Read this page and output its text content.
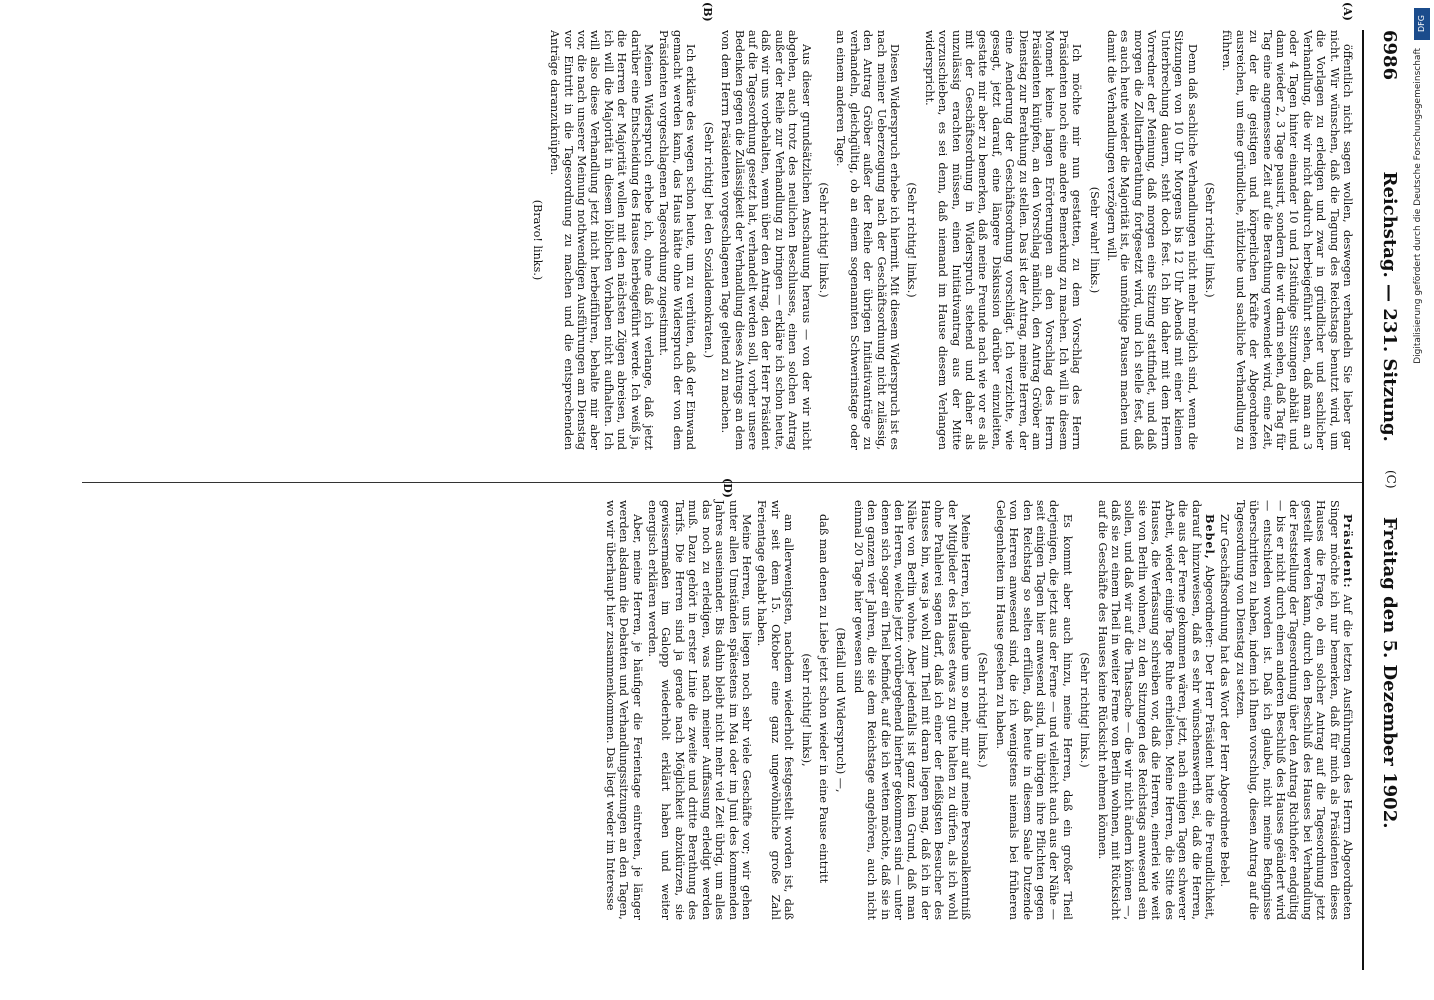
6986
Reichstag. — 231. Sitzung.            Freitag den 5. Dezember 1902.
(C)
(A)

öffentlich nicht sagen wollen, deswegen verhandeln Sie lieber gar nicht. Wir wünschen, daß die Tagung des Reichstags benutzt wird, um die Vorlagen zu erledigen und zwar in gründlicher und sachlicher Verhandlung, die wir nicht dadurch herbeigeführt sehen, daß man an 3 oder 4 Tagen hinter einander 10 und 12stündige Sitzungen abhält und dann wieder 2, 3 Tage pausirt, sondern die wir darin sehen, daß Tag für Tag eine angemessene Zeit auf die Berathung verwendet wird, eine Zeit, zu der die geistigen und körperlichen Kräfte der Abgeordneten ausreichen, um eine gründliche, nützliche und sachliche Verhandlung zu führen.

(Sehr richtig! links.)

Denn daß sachliche Verhandlungen nicht mehr möglich sind, wenn die Sitzungen von 10 Uhr Morgens bis 12 Uhr Abends mit einer kleinen Unterbrechung dauern, steht doch fest. Ich bin daher mit dem Herrn Vorredner der Meinung, daß morgen eine Sitzung stattfindet, und daß morgen die Zolltarifberathung fortgesetzt wird, und ich stelle fest, daß es auch heute wieder die Majorität ist, die unnöthige Pausen machen und damit die Verhandlungen verzögern will.

(Sehr wahr! links.)

Ich möchte mir nun gestatten, zu dem Vorschlag des Herrn Präsidenten noch eine andere Bemerkung zu machen. Ich will in diesem Moment keine langen Erörterungen an den Vorschlag des Herrn Präsidenten knüpfen, an den Vorschlag nämlich, den Antrag Gröber am Dienstag zur Berathung zu stellen. Das ist der Antrag, meine Herren, der eine Aenderung der Geschäftsordnung vorschlägt. Ich verzichte, wie gesagt, jetzt darauf, eine längere Diskussion darüber einzuleiten, gestatte mir aber zu bemerken, daß meine Freunde nach wie vor es als mit der Geschäftsordnung in Widerspruch stehend und daher als unzulässig erachten müssen, einen Initiativantrag aus der Mitte vorzuschieben, es sei denn, daß niemand im Hause diesem Verlangen widerspricht.

(Sehr richtig! links.)

(B)

Diesen Widerspruch erhebe ich hiermit. Mit diesem Widerspruch ist es nach meiner Ueberzeugung nach der Geschäftsordnung nicht zulässig, den Antrag Gröber außer der Reihe der übrigen Initiativanträge zu verhandeln, gleichgültig, ob an einem sogenannten Schwerinstage oder an einem anderen Tage.

(Sehr richtig! links.)

Aus dieser grundsätzlichen Anschauung heraus — von der wir nicht abgehen, auch trotz des neulichen Beschlusses, einen solchen Antrag außer der Reihe zur Verhandlung zu bringen — erkläre ich schon heute, daß wir uns vorbehalten, wenn über den Antrag, den der Herr Präsident auf die Tagesordnung gesetzt hat, verhandelt werden soll, vorher unsere Bedenken gegen die Zulässigkeit der Verhandlung dieses Antrags an dem von dem Herrn Präsidenten vorgeschlagenen Tage geltend zu machen.

(Sehr richtig! bei den Sozialdemokraten.)

Ich erkläre des wegen schon heute, um zu verhüten, daß der Einwand gemacht werden kann, das Haus hätte ohne Widerspruch der von dem Präsidenten vorgeschlagenen Tagesordnung zugestimmt.

Meinen Widerspruch erhebe ich, ohne daß ich verlange, daß jetzt darüber eine Entscheidung des Hauses herbeigeführt werde. Ich weiß ja, die Herren der Majorität wollen mit den nächsten Zügen abreisen, und ich will die Majorität in diesem löblichen Vorhaben nicht aufhalten. Ich will also diese Verhandlung jetzt nicht herbeiführen, behalte mir aber vor, die nach unserer Meinung nothwendigen Ausführungen am Dienstag vor Eintritt in die Tagesordnung zu machen und die entsprechenden Anträge daranzuknüpfen.

(Bravo! links.)

Präsident: Auf die letzten Ausführungen des Herrn Abgeordneten Singer möchte ich nur bemerken, daß für mich als Präsidenten dieses Hauses die Frage, ob ein solcher Antrag auf die Tagesordnung jetzt gestellt werden kann, durch den Beschluß des Hauses bei Verhandlung der Feststellung der Tagesordnung über den Antrag Richthofer endgültig — bis er nicht durch einen anderen Beschluß des Hauses geändert wird — entschieden worden ist. Daß ich glaube, nicht meine Befugnisse überschritten zu haben, indem ich Ihnen vorschlug, diesen Antrag auf die Tagesordnung von Dienstag zu setzen.

Zur Geschäftsordnung hat das Wort der Herr Abgeordnete Bebel.

Bebel, Abgeordneter: Der Herr Präsident hatte die Freundlichkeit, darauf hinzuweisen, daß es sehr wünschenswerth sei, daß die Herren, die aus der Ferne gekommen wären, jetzt, nach einigen Tagen schwerer Arbeit, wieder einige Tage Ruhe erhielten. Meine Herren, die Sitte des Hauses, die Verfassung schreiben vor, daß die Herren, einerlei wie weit sie von Berlin wohnen, zu den Sitzungen des Reichstags anwesend sein sollen, und daß wir auf die Thatsache — die wir nicht ändern können —, daß sie zu einem Theil in weiter Ferne von Berlin wohnen, mit Rücksicht auf die Geschäfte des Hauses keine Rücksicht nehmen können.

(Sehr richtig! links.)

Es kommt aber auch hinzu, meine Herren, daß ein großer Theil derjenigen, die jetzt aus der Ferne — und vielleicht auch aus der Nähe — seit einigen Tagen hier anwesend sind, im übrigen ihre Pflichten gegen den Reichstag so selten erfüllen, daß heute in diesem Saale Dutzende von Herren anwesend sind, die ich wenigstens niemals bei früheren Gelegenheiten im Hause gesehen zu haben.

(Sehr richtig! links.)

(D)

Meine Herren, ich glaube um so mehr, mir auf meine Personalkenntniß der Mitglieder des Hauses etwas zu gute halten zu dürfen, als ich wohl ohne Prahlerei sagen darf, daß ich einer der fleißigsten Besucher des Hauses bin, was ja wohl zum Theil mit daran liegen mag, daß ich in der Nähe von Berlin wohne. Aber jedenfalls ist ganz kein Grund, daß man den Herren, welche jetzt vorübergehend hierher gekommen sind — unter denen sich sogar ein Theil befindet, auf die ich wetten möchte, daß sie in den ganzen vier Jahren, die sie dem Reichstage angehören, auch nicht einmal 20 Tage hier gewesen sind

(Beifall und Widerspruch) —,

daß man denen zu Liebe jetzt schon wieder in eine Pause eintritt

(sehr richtig! links),

am allerwenigsten, nachdem wiederholt festgestellt worden ist, daß wir seit dem 15. Oktober eine ganz ungewöhnliche große Zahl Ferientage gehabt haben.

Meine Herren, uns liegen noch sehr viele Geschäfte vor; wir gehen unter allen Umständen spätestens im Mai oder im Juni des kommenden Jahres auseinander. Bis dahin bleibt nicht mehr viel Zeit übrig, um alles das noch zu erledigen, was nach meiner Auffassung erledigt werden muß. Dazu gehört in erster Linie die zweite und dritte Berathung des Tarifs. Die Herren sind ja gerade nach Möglichkeit abzukürzen, sie gewissermaßen im Galopp wiederholt erklärt haben und weiter energisch erklären werden.

Aber, meine Herren, je häufiger die Ferientage eintreten, je länger werden alsdann die Debatten und Verhandlungssitzungen an den Tagen, wo wir überhaupt hier zusammenkommen. Das liegt weder im Interesse

DFG
Digitalisierung gefördert durch die Deutsche Forschungsgemeinschaft
